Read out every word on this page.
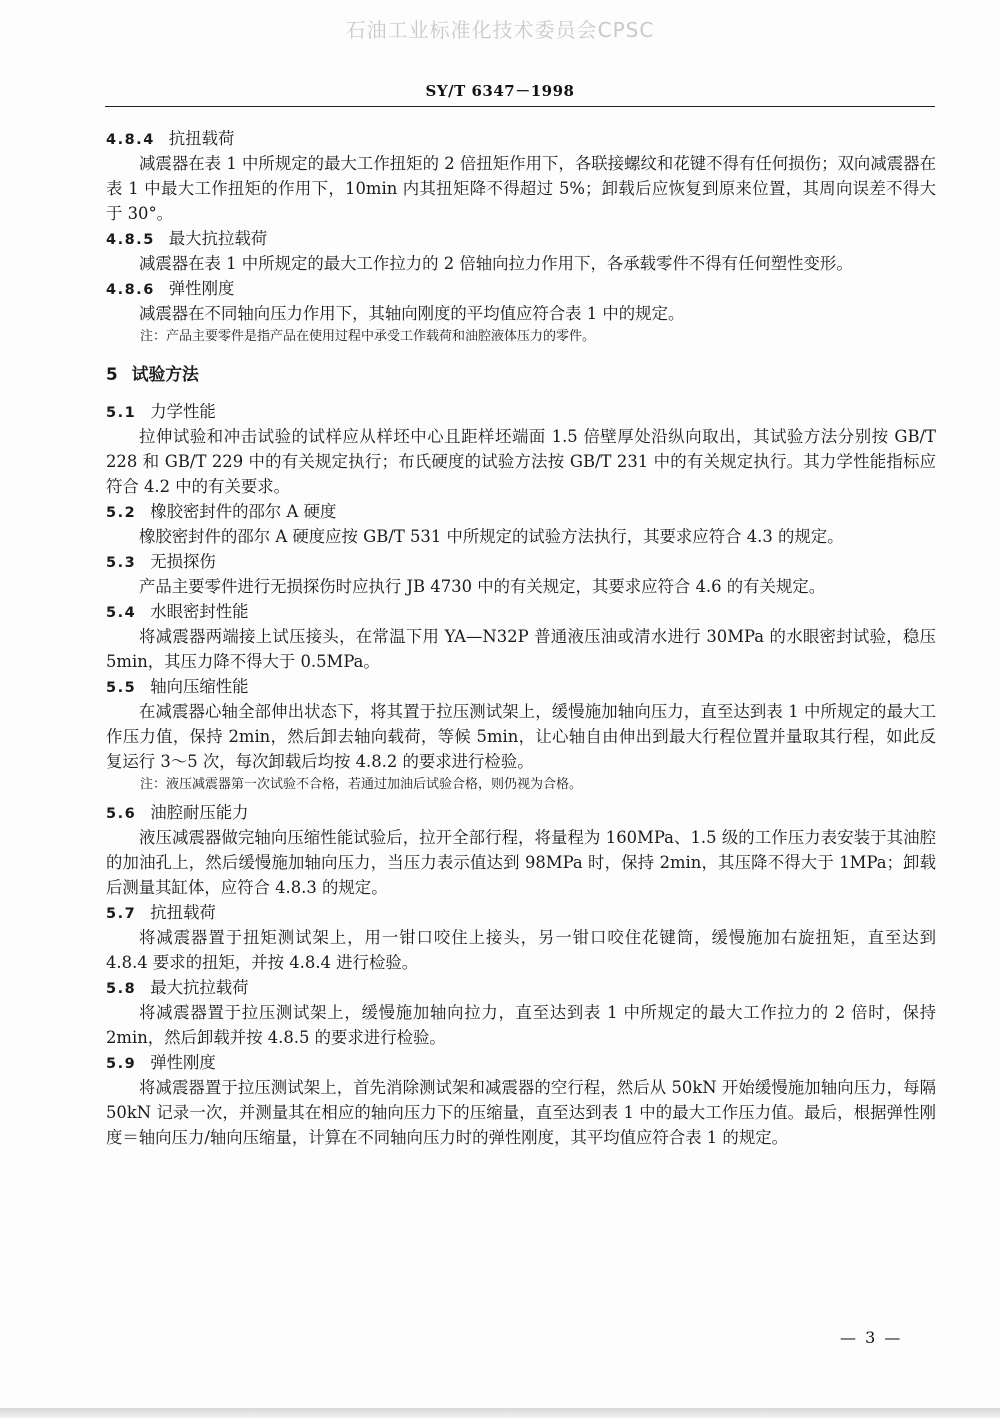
石油工业标准化技术委员会CPSC
SY/T 6347－1998
4.8.4 抗扭载荷

减震器在表 1 中所规定的最大工作扭矩的 2 倍扭矩作用下，各联接螺纹和花键不得有任何损伤；双向减震器在表 1 中最大工作扭矩的作用下，10min 内其扭矩降不得超过 5%；卸载后应恢复到原来位置，其周向误差不得大于 30°。

4.8.5 最大抗拉载荷

减震器在表 1 中所规定的最大工作拉力的 2 倍轴向拉力作用下，各承载零件不得有任何塑性变形。

4.8.6 弹性刚度

减震器在不同轴向压力作用下，其轴向刚度的平均值应符合表 1 中的规定。

注：产品主要零件是指产品在使用过程中承受工作载荷和油腔液体压力的零件。
5 试验方法
5.1 力学性能

拉伸试验和冲击试验的试样应从样坯中心且距样坯端面 1.5 倍壁厚处沿纵向取出，其试验方法分别按 GB/T 228 和 GB/T 229 中的有关规定执行；布氏硬度的试验方法按 GB/T 231 中的有关规定执行。其力学性能指标应符合 4.2 中的有关要求。

5.2 橡胶密封件的邵尔 A 硬度

橡胶密封件的邵尔 A 硬度应按 GB/T 531 中所规定的试验方法执行，其要求应符合 4.3 的规定。

5.3 无损探伤

产品主要零件进行无损探伤时应执行 JB 4730 中的有关规定，其要求应符合 4.6 的有关规定。

5.4 水眼密封性能

将减震器两端接上试压接头，在常温下用 YA—N32P 普通液压油或清水进行 30MPa 的水眼密封试验，稳压 5min，其压力降不得大于 0.5MPa。

5.5 轴向压缩性能

在减震器心轴全部伸出状态下，将其置于拉压测试架上，缓慢施加轴向压力，直至达到表 1 中所规定的最大工作压力值，保持 2min，然后卸去轴向载荷，等候 5min，让心轴自由伸出到最大行程位置并量取其行程，如此反复运行 3～5 次，每次卸载后均按 4.8.2 的要求进行检验。

注：液压减震器第一次试验不合格，若通过加油后试验合格，则仍视为合格。
5.6 油腔耐压能力

液压减震器做完轴向压缩性能试验后，拉开全部行程，将量程为 160MPa、1.5 级的工作压力表安装于其油腔的加油孔上，然后缓慢施加轴向压力，当压力表示值达到 98MPa 时，保持 2min，其压降不得大于 1MPa；卸载后测量其缸体，应符合 4.8.3 的规定。

5.7 抗扭载荷

将减震器置于扭矩测试架上，用一钳口咬住上接头，另一钳口咬住花键筒，缓慢施加右旋扭矩，直至达到 4.8.4 要求的扭矩，并按 4.8.4 进行检验。

5.8 最大抗拉载荷

将减震器置于拉压测试架上，缓慢施加轴向拉力，直至达到表 1 中所规定的最大工作拉力的 2 倍时，保持 2min，然后卸载并按 4.8.5 的要求进行检验。

5.9 弹性刚度

将减震器置于拉压测试架上，首先消除测试架和减震器的空行程，然后从 50kN 开始缓慢施加轴向压力，每隔 50kN 记录一次，并测量其在相应的轴向压力下的压缩量，直至达到表 1 中的最大工作压力值。最后，根据弹性刚度＝轴向压力/轴向压缩量，计算在不同轴向压力时的弹性刚度，其平均值应符合表 1 的规定。

— 3 —
